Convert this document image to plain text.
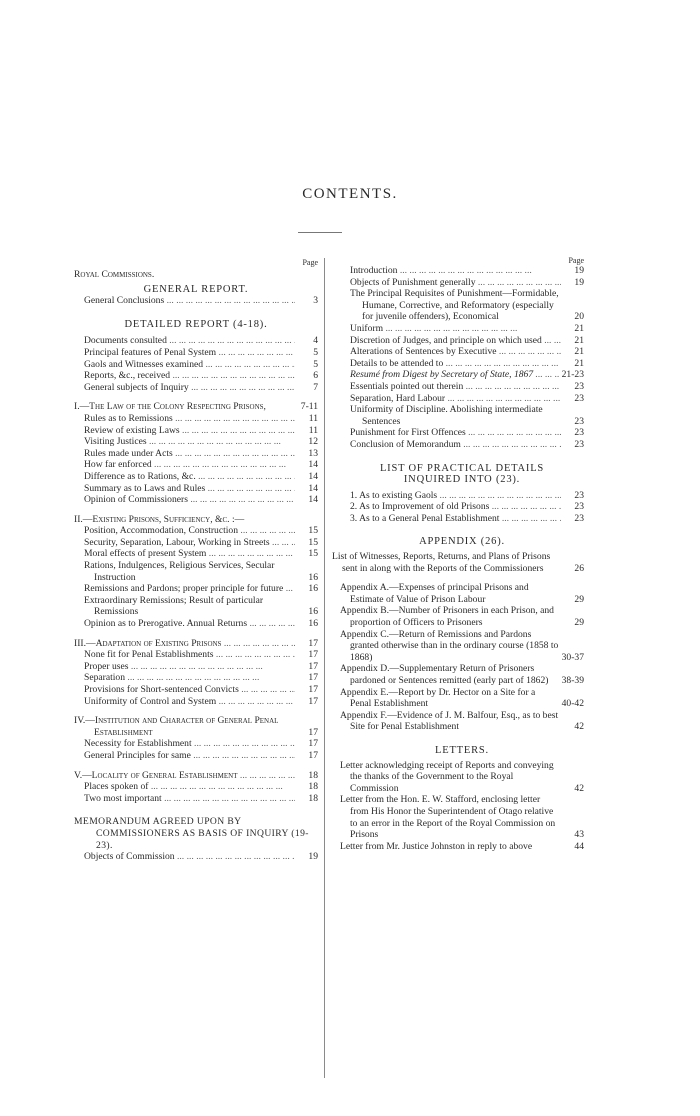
CONTENTS.
Page
Royal Commissions.
GENERAL REPORT.
General Conclusions ...	3
DETAILED REPORT (4-18).
Documents consulted ...	4
Principal features of Penal System ...	5
Gaols and Witnesses examined ...	5
Reports, &c., received ...	6
General subjects of Inquiry ...	7
I.—The Law of the Colony Respecting Prisons,	7-11
Rules as to Remissions ...	11
Review of existing Laws ...	11
Visiting Justices ...	12
Rules made under Acts ...	13
How far enforced ...	14
Difference as to Rations, &c. ...	14
Summary as to Laws and Rules ...	14
Opinion of Commissioners ...	14
II.—Existing Prisons, Sufficiency, &c. :—
Position, Accommodation, Construction ...	15
Security, Separation, Labour, Working in Streets ...	15
Moral effects of present System ...	15
Rations, Indulgences, Religious Services, Secular Instruction	16
Remissions and Pardons; proper principle for future ...	16
Extraordinary Remissions; Result of particular Remissions	16
Opinion as to Prerogative. Annual Returns ...	16
III.—Adaptation of Existing Prisons ...	17
None fit for Penal Establishments ...	17
Proper uses ...	17
Separation ...	17
Provisions for Short-sentenced Convicts ...	17
Uniformity of Control and System ...	17
IV.—Institution and Character of General Penal Establishment	17
Necessity for Establishment ...	17
General Principles for same ...	17
V.—Locality of General Establishment ...	18
Places spoken of ...	18
Two most important ...	18
MEMORANDUM AGREED UPON BY COMMISSIONERS AS BASIS OF INQUIRY (19-23).
Objects of Commission ...	19
Page
Introduction ...	19
Objects of Punishment generally ...	19
The Principal Requisites of Punishment—Formidable, Humane, Corrective, and Reformatory (especially for juvenile offenders), Economical	20
Uniform ...	21
Discretion of Judges, and principle on which used ...	21
Alterations of Sentences by Executive ...	21
Details to be attended to ...	21
Resumé from Digest by Secretary of State, 1867 ...	21-23
Essentials pointed out therein ...	23
Separation, Hard Labour ...	23
Uniformity of Discipline. Abolishing intermediate Sentences	23
Punishment for First Offences ...	23
Conclusion of Memorandum ...	23
LIST OF PRACTICAL DETAILS INQUIRED INTO (23).
1. As to existing Gaols ...	23
2. As to Improvement of old Prisons ...	23
3. As to a General Penal Establishment ...	23
APPENDIX (26).
List of Witnesses, Reports, Returns, and Plans of Prisons sent in along with the Reports of the Commissioners	26
Appendix A.—Expenses of principal Prisons and Estimate of Value of Prison Labour	29
Appendix B.—Number of Prisoners in each Prison, and proportion of Officers to Prisoners	29
Appendix C.—Return of Remissions and Pardons granted otherwise than in the ordinary course (1858 to 1868)	30-37
Appendix D.—Supplementary Return of Prisoners pardoned or Sentences remitted (early part of 1862)	38-39
Appendix E.—Report by Dr. Hector on a Site for a Penal Establishment	40-42
Appendix F.—Evidence of J. M. Balfour, Esq., as to best Site for Penal Establishment	42
LETTERS.
Letter acknowledging receipt of Reports and conveying the thanks of the Government to the Royal Commission	42
Letter from the Hon. E. W. Stafford, enclosing letter from His Honor the Superintendent of Otago relative to an error in the Report of the Royal Commission on Prisons	43
Letter from Mr. Justice Johnston in reply to above	44
